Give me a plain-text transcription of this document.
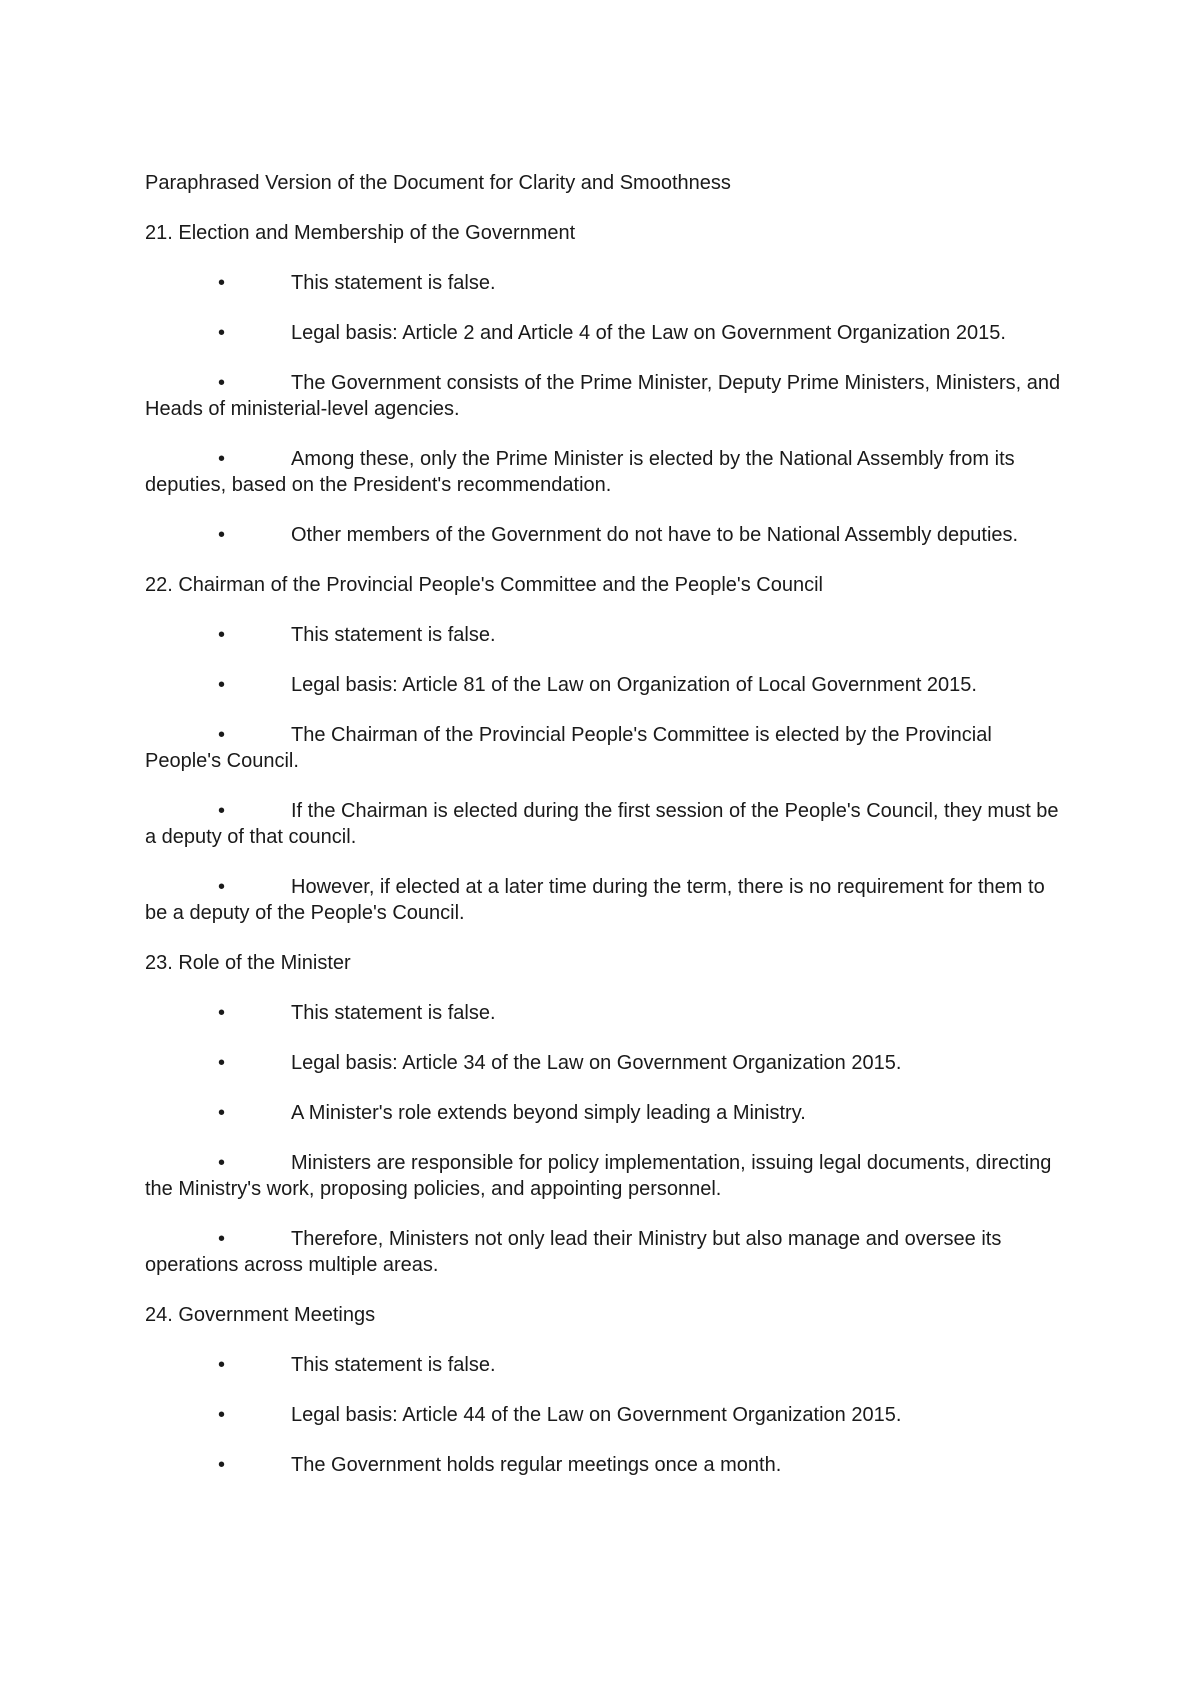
Paraphrased Version of the Document for Clarity and Smoothness

21. Election and Membership of the Government

•	This statement is false.

•	Legal basis: Article 2 and Article 4 of the Law on Government Organization 2015.

•	The Government consists of the Prime Minister, Deputy Prime Ministers, Ministers, and Heads of ministerial-level agencies.

•	Among these, only the Prime Minister is elected by the National Assembly from its deputies, based on the President's recommendation.

•	Other members of the Government do not have to be National Assembly deputies.

22. Chairman of the Provincial People's Committee and the People's Council

•	This statement is false.

•	Legal basis: Article 81 of the Law on Organization of Local Government 2015.

•	The Chairman of the Provincial People's Committee is elected by the Provincial People's Council.

•	If the Chairman is elected during the first session of the People's Council, they must be a deputy of that council.

•	However, if elected at a later time during the term, there is no requirement for them to be a deputy of the People's Council.

23. Role of the Minister

•	This statement is false.

•	Legal basis: Article 34 of the Law on Government Organization 2015.

•	A Minister's role extends beyond simply leading a Ministry.

•	Ministers are responsible for policy implementation, issuing legal documents, directing the Ministry's work, proposing policies, and appointing personnel.

•	Therefore, Ministers not only lead their Ministry but also manage and oversee its operations across multiple areas.

24. Government Meetings

•	This statement is false.

•	Legal basis: Article 44 of the Law on Government Organization 2015.

•	The Government holds regular meetings once a month.
